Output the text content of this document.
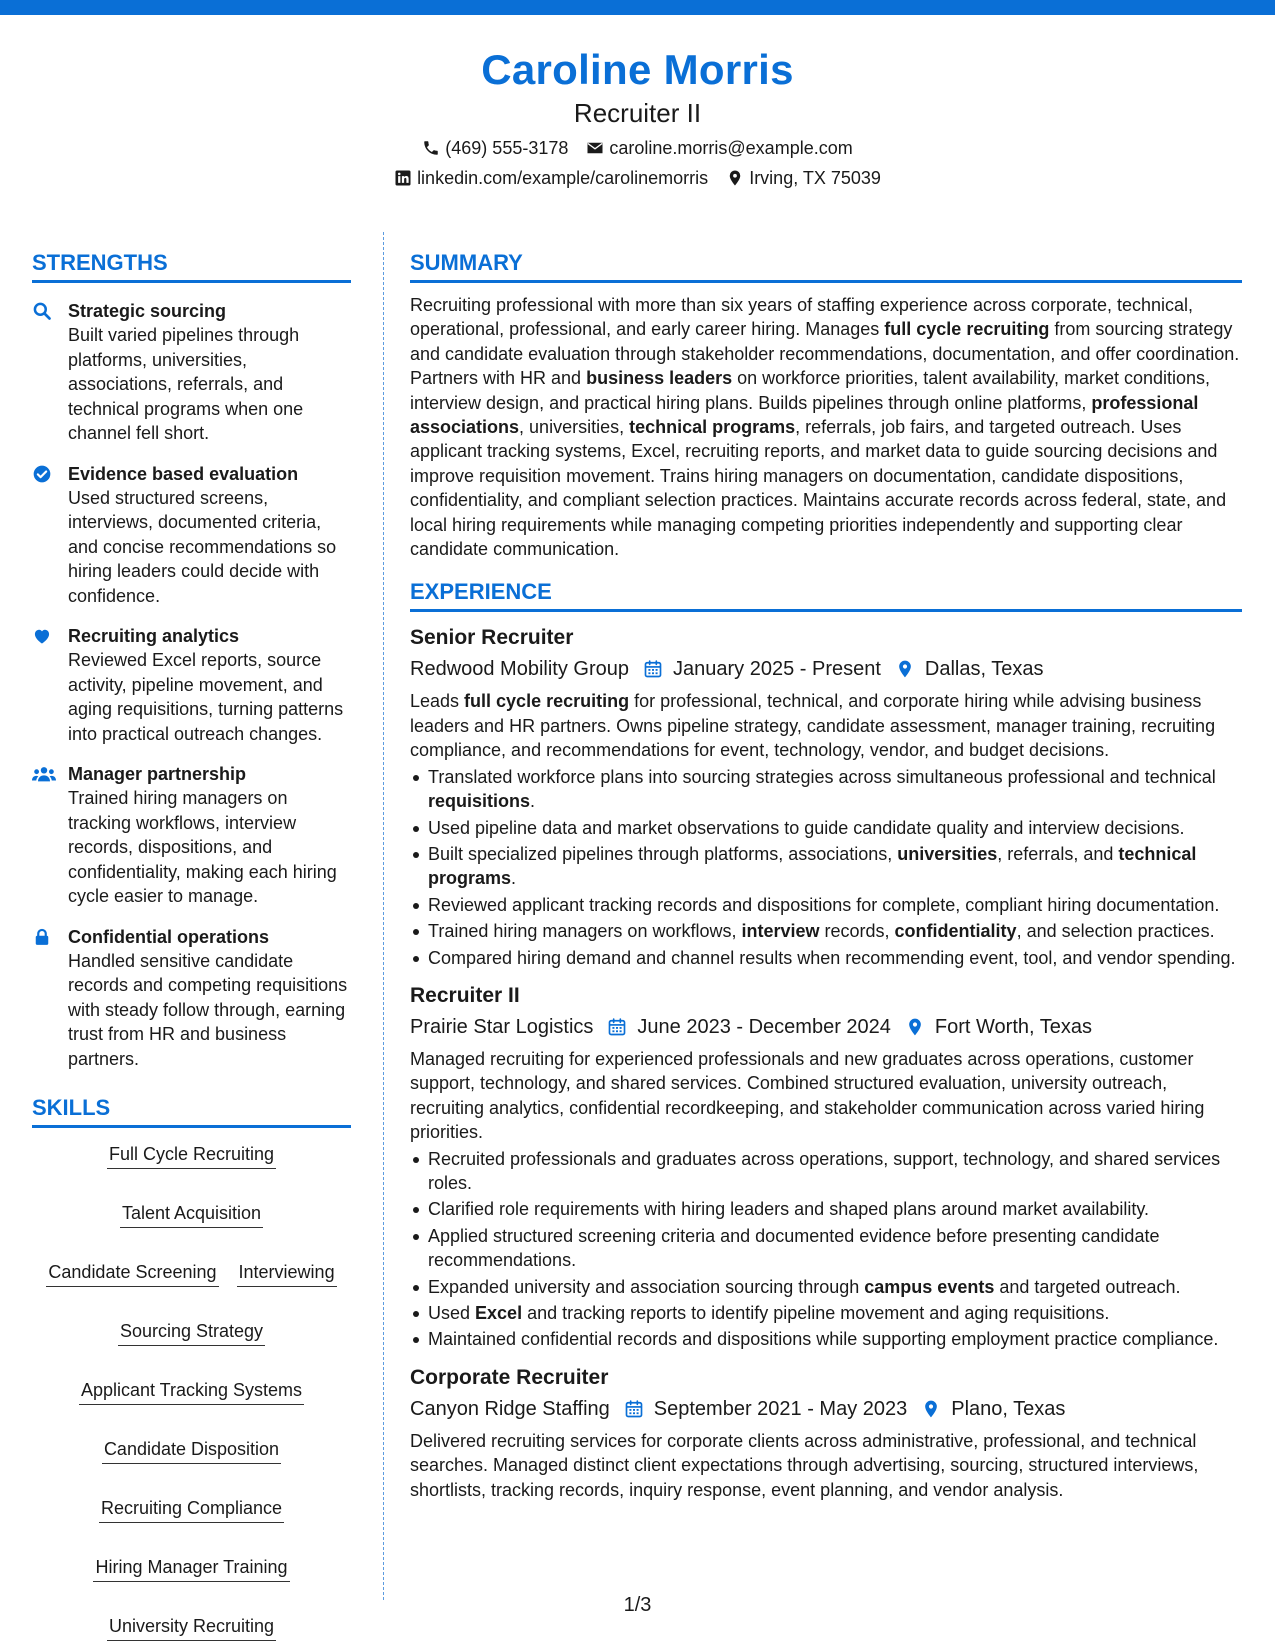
Caroline Morris
Recruiter II
(469) 555-3178 caroline.morris@example.com
linkedin.com/example/carolinemorris Irving, TX 75039
STRENGTHS
Strategic sourcing
Built varied pipelines through platforms, universities, associations, referrals, and technical programs when one channel fell short.
Evidence based evaluation
Used structured screens, interviews, documented criteria, and concise recommendations so hiring leaders could decide with confidence.
Recruiting analytics
Reviewed Excel reports, source activity, pipeline movement, and aging requisitions, turning patterns into practical outreach changes.
Manager partnership
Trained hiring managers on tracking workflows, interview records, dispositions, and confidentiality, making each hiring cycle easier to manage.
Confidential operations
Handled sensitive candidate records and competing requisitions with steady follow through, earning trust from HR and business partners.
SKILLS
Full Cycle Recruiting
Talent Acquisition
Candidate Screening Interviewing
Sourcing Strategy
Applicant Tracking Systems
Candidate Disposition
Recruiting Compliance
Hiring Manager Training
University Recruiting
SUMMARY
Recruiting professional with more than six years of staffing experience across corporate, technical, operational, professional, and early career hiring. Manages full cycle recruiting from sourcing strategy and candidate evaluation through stakeholder recommendations, documentation, and offer coordination. Partners with HR and business leaders on workforce priorities, talent availability, market conditions, interview design, and practical hiring plans. Builds pipelines through online platforms, professional associations, universities, technical programs, referrals, job fairs, and targeted outreach. Uses applicant tracking systems, Excel, recruiting reports, and market data to guide sourcing decisions and improve requisition movement. Trains hiring managers on documentation, candidate dispositions, confidentiality, and compliant selection practices. Maintains accurate records across federal, state, and local hiring requirements while managing competing priorities independently and supporting clear candidate communication.
EXPERIENCE
Senior Recruiter
Redwood Mobility Group January 2025 - Present Dallas, Texas
Leads full cycle recruiting for professional, technical, and corporate hiring while advising business leaders and HR partners. Owns pipeline strategy, candidate assessment, manager training, recruiting compliance, and recommendations for event, technology, vendor, and budget decisions.
Translated workforce plans into sourcing strategies across simultaneous professional and technical requisitions.
Used pipeline data and market observations to guide candidate quality and interview decisions.
Built specialized pipelines through platforms, associations, universities, referrals, and technical programs.
Reviewed applicant tracking records and dispositions for complete, compliant hiring documentation.
Trained hiring managers on workflows, interview records, confidentiality, and selection practices.
Compared hiring demand and channel results when recommending event, tool, and vendor spending.
Recruiter II
Prairie Star Logistics June 2023 - December 2024 Fort Worth, Texas
Managed recruiting for experienced professionals and new graduates across operations, customer support, technology, and shared services. Combined structured evaluation, university outreach, recruiting analytics, confidential recordkeeping, and stakeholder communication across varied hiring priorities.
Recruited professionals and graduates across operations, support, technology, and shared services roles.
Clarified role requirements with hiring leaders and shaped plans around market availability.
Applied structured screening criteria and documented evidence before presenting candidate recommendations.
Expanded university and association sourcing through campus events and targeted outreach.
Used Excel and tracking reports to identify pipeline movement and aging requisitions.
Maintained confidential records and dispositions while supporting employment practice compliance.
Corporate Recruiter
Canyon Ridge Staffing September 2021 - May 2023 Plano, Texas
Delivered recruiting services for corporate clients across administrative, professional, and technical searches. Managed distinct client expectations through advertising, sourcing, structured interviews, shortlists, tracking records, inquiry response, event planning, and vendor analysis.
1/3
